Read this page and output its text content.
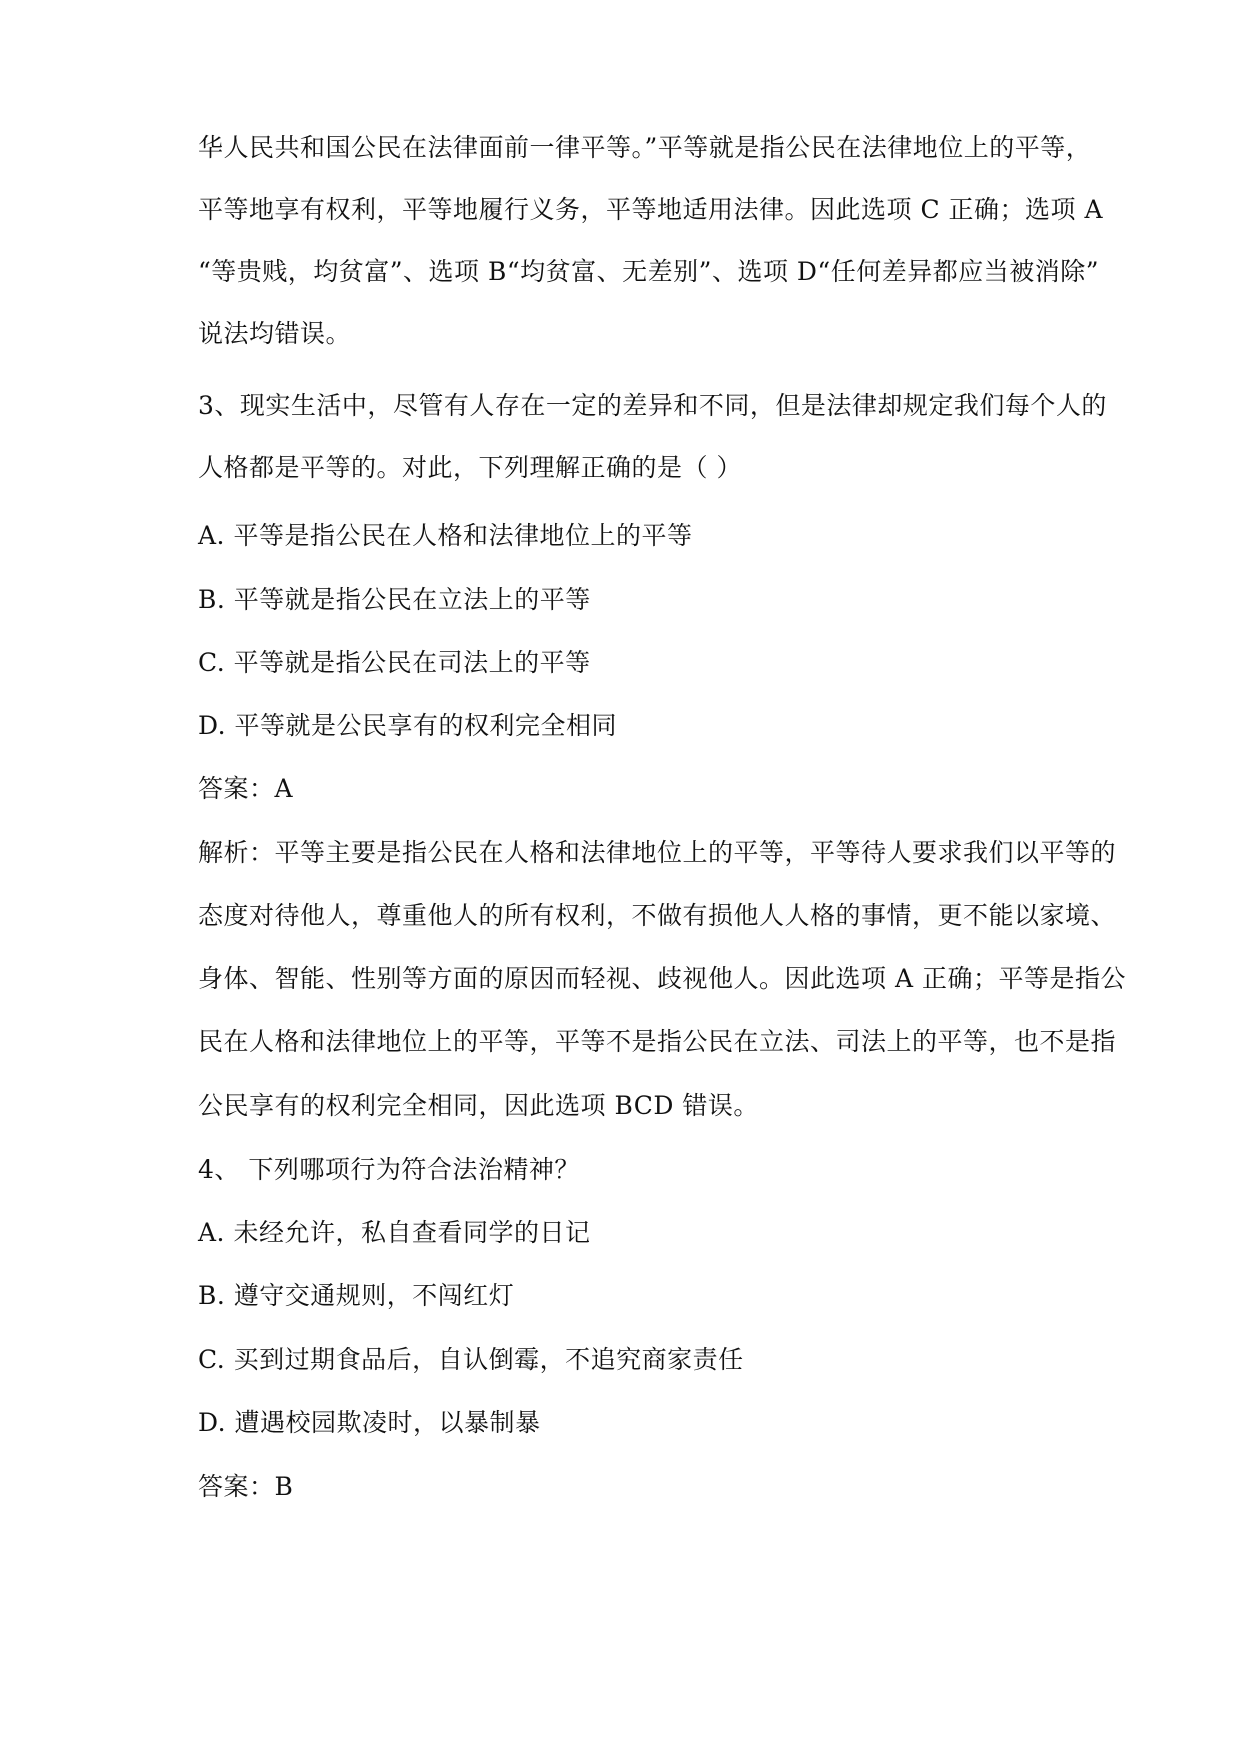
华人民共和国公民在法律面前一律平等。”平等就是指公民在法律地位上的平等，
平等地享有权利，平等地履行义务，平等地适用法律。因此选项 C 正确；选项 A
“等贵贱，均贫富”、选项 B“均贫富、无差别”、选项 D“任何差异都应当被消除”
说法均错误。
3、现实生活中，尽管有人存在一定的差异和不同，但是法律却规定我们每个人的
人格都是平等的。对此，下列理解正确的是（ ）
A. 平等是指公民在人格和法律地位上的平等
B. 平等就是指公民在立法上的平等
C. 平等就是指公民在司法上的平等
D. 平等就是公民享有的权利完全相同
答案：A
解析：平等主要是指公民在人格和法律地位上的平等，平等待人要求我们以平等的
态度对待他人，尊重他人的所有权利，不做有损他人人格的事情，更不能以家境、
身体、智能、性别等方面的原因而轻视、歧视他人。因此选项 A 正确；平等是指公
民在人格和法律地位上的平等，平等不是指公民在立法、司法上的平等，也不是指
公民享有的权利完全相同，因此选项 BCD 错误。
4、 下列哪项行为符合法治精神？
A. 未经允许，私自查看同学的日记
B. 遵守交通规则，不闯红灯
C. 买到过期食品后，自认倒霉，不追究商家责任
D. 遭遇校园欺凌时，以暴制暴
答案：B
